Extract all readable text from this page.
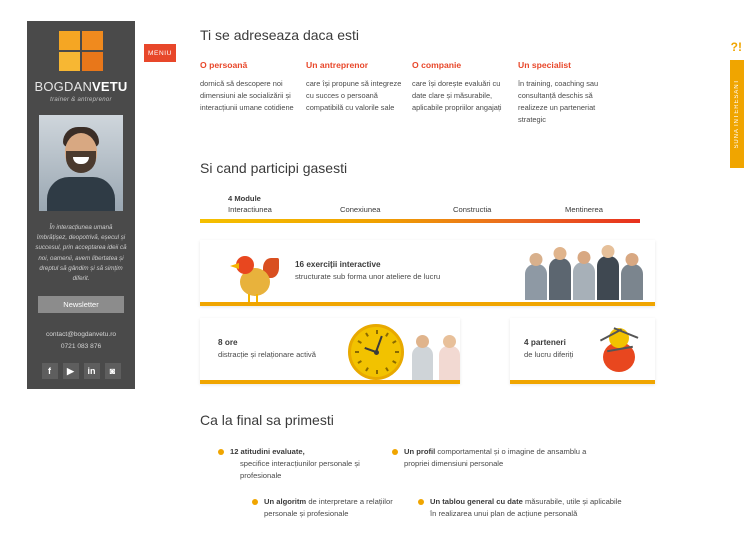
BOGDANVETU
trainer & antreprenor
În interacțiunea umană îmbrățișez, deopotrivă, eșecul și succesul, prin acceptarea ideii că noi, oamenii, avem libertatea și dreptul să gândim și să simțim diferit.
Newsletter
contact@bogdanvetu.ro
0721 083 876
f	▶	in	◙
MENIU	?!
SUNA INTERESANT
Ti se adreseaza daca esti
O persoană
dornică să descopere noi dimensiuni ale socializării și interacțiunii umane cotidiene
Un antreprenor
care își propune să integreze cu succes o persoană compatibilă cu valorile sale
O companie
care își dorește evaluări cu date clare și măsurabile, aplicabile propriilor angajați
Un specialist
în training, coaching sau consultanță deschis să realizeze un parteneriat strategic
Si cand participi gasesti
4 Module
Interactiunea	Conexiunea	Constructia	Mentinerea
16 exerciții interactive
structurate sub forma unor ateliere de lucru
8 ore
distracție și relaționare activă
4 parteneri
de lucru diferiți
Ca la final sa primesti
12 atitudini evaluate,
specifice interacțiunilor personale și profesionale
Un profil comportamental și o imagine de ansamblu a propriei dimensiuni personale
Un algoritm de interpretare a relațiilor personale și profesionale
Un tablou general cu date măsurabile, utile și aplicabile în realizarea unui plan de acțiune personală
